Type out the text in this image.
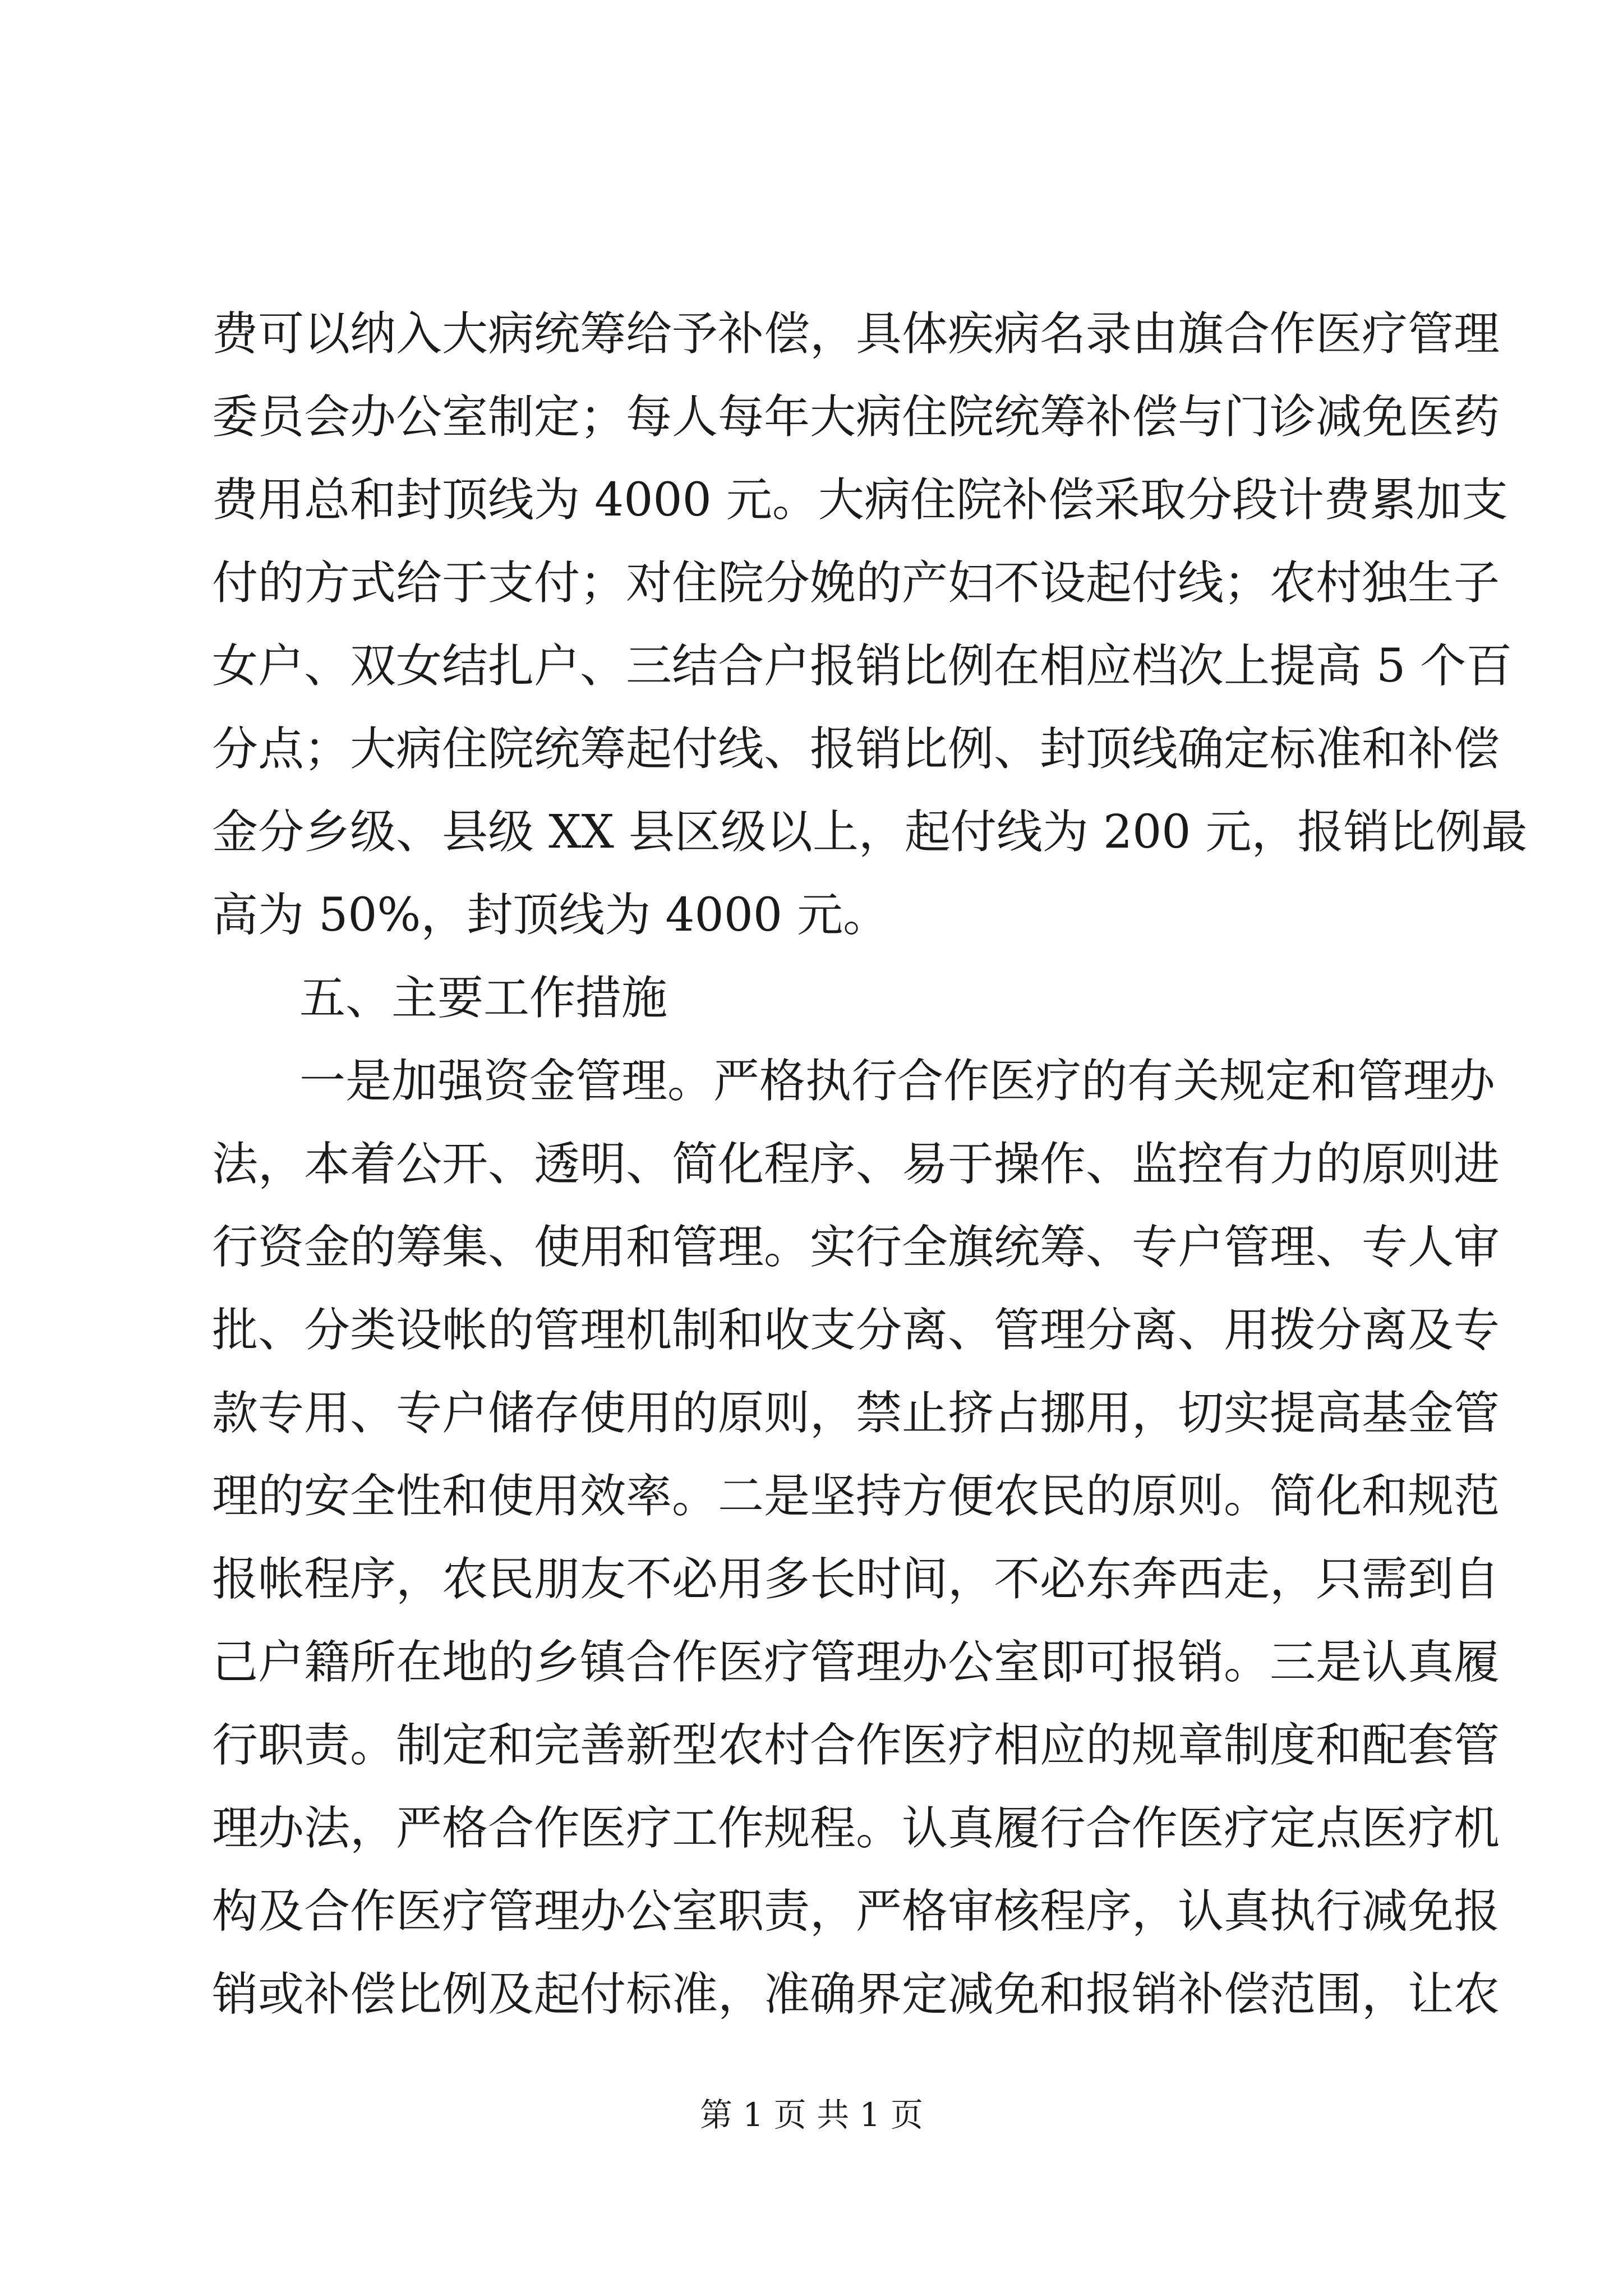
费可以纳入大病统筹给予补偿，具体疾病名录由旗合作医疗管理
委员会办公室制定；每人每年大病住院统筹补偿与门诊减免医药
费用总和封顶线为 4000 元。大病住院补偿采取分段计费累加支
付的方式给于支付；对住院分娩的产妇不设起付线；农村独生子
女户、双女结扎户、三结合户报销比例在相应档次上提高 5 个百
分点；大病住院统筹起付线、报销比例、封顶线确定标准和补偿
金分乡级、县级 XX 县区级以上，起付线为 200 元，报销比例最
高为 50%，封顶线为 4000 元。
五、主要工作措施
一是加强资金管理。严格执行合作医疗的有关规定和管理办
法，本着公开、透明、简化程序、易于操作、监控有力的原则进
行资金的筹集、使用和管理。实行全旗统筹、专户管理、专人审
批、分类设帐的管理机制和收支分离、管理分离、用拨分离及专
款专用、专户储存使用的原则，禁止挤占挪用，切实提高基金管
理的安全性和使用效率。二是坚持方便农民的原则。简化和规范
报帐程序，农民朋友不必用多长时间，不必东奔西走，只需到自
己户籍所在地的乡镇合作医疗管理办公室即可报销。三是认真履
行职责。制定和完善新型农村合作医疗相应的规章制度和配套管
理办法，严格合作医疗工作规程。认真履行合作医疗定点医疗机
构及合作医疗管理办公室职责，严格审核程序，认真执行减免报
销或补偿比例及起付标准，准确界定减免和报销补偿范围，让农
第 1 页 共 1 页
